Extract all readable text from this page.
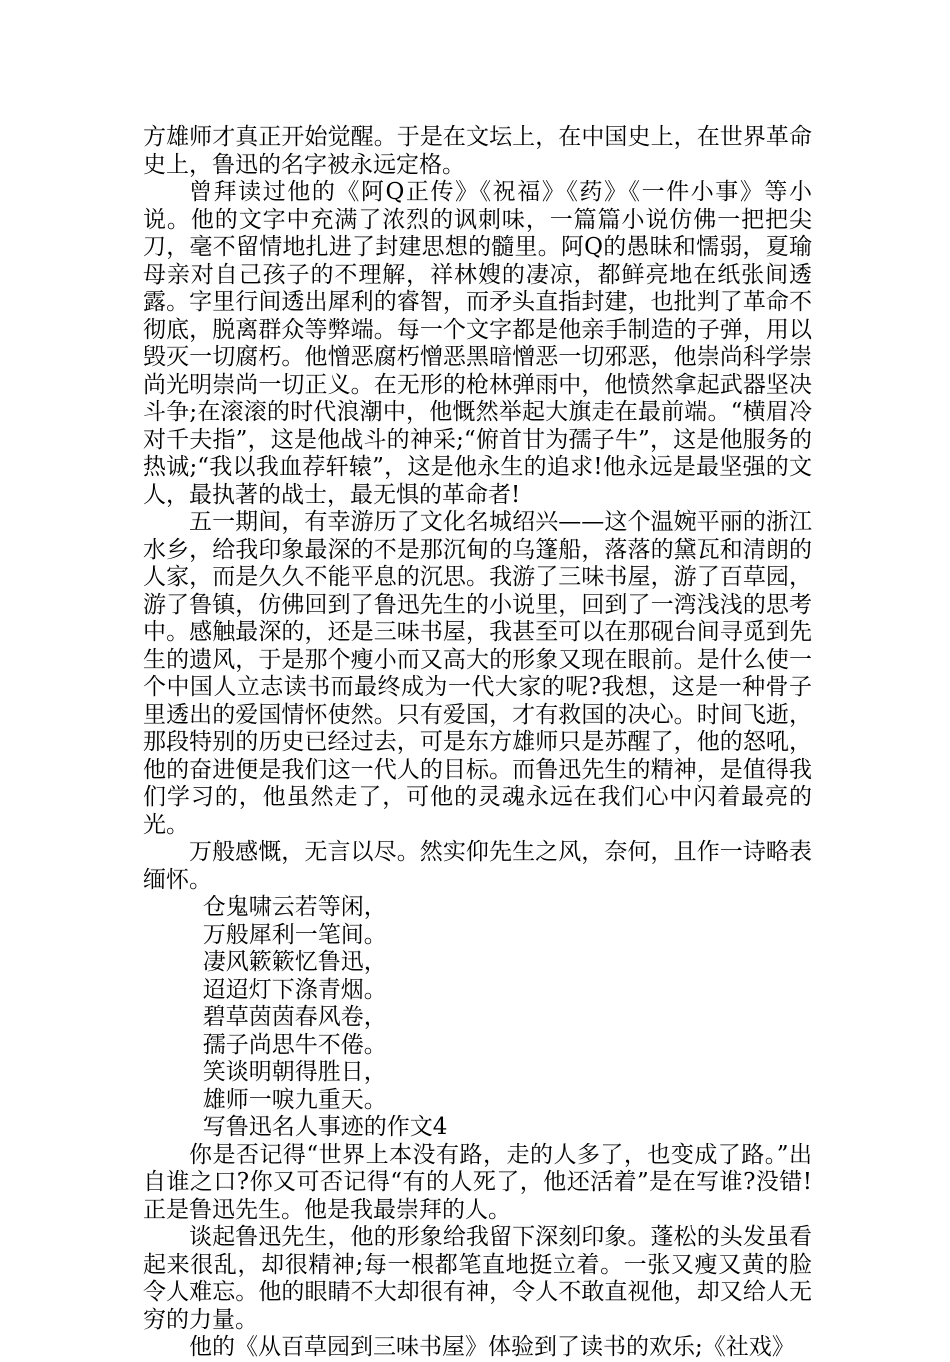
方雄师才真正开始觉醒。于是在文坛上，在中国史上，在世界革命史上，鲁迅的名字被永远定格。

曾拜读过他的《阿Q正传》《祝福》《药》《一件小事》等小说。他的文字中充满了浓烈的讽刺味，一篇篇小说仿佛一把把尖刀，毫不留情地扎进了封建思想的髓里。阿Q的愚昧和懦弱，夏瑜母亲对自己孩子的不理解，祥林嫂的凄凉，都鲜亮地在纸张间透露。字里行间透出犀利的睿智，而矛头直指封建，也批判了革命不彻底，脱离群众等弊端。每一个文字都是他亲手制造的子弹，用以毁灭一切腐朽。他憎恶腐朽憎恶黑暗憎恶一切邪恶，他崇尚科学崇尚光明崇尚一切正义。在无形的枪林弹雨中，他愤然拿起武器坚决斗争;在滚滚的时代浪潮中，他慨然举起大旗走在最前端。“横眉冷对千夫指”，这是他战斗的神采;“俯首甘为孺子牛”，这是他服务的热诚;“我以我血荐轩辕”，这是他永生的追求!他永远是最坚强的文人，最执著的战士，最无惧的革命者!

五一期间，有幸游历了文化名城绍兴——这个温婉平丽的浙江水乡，给我印象最深的不是那沉甸的乌篷船，落落的黛瓦和清朗的人家，而是久久不能平息的沉思。我游了三味书屋，游了百草园，游了鲁镇，仿佛回到了鲁迅先生的小说里，回到了一湾浅浅的思考中。感触最深的，还是三味书屋，我甚至可以在那砚台间寻觅到先生的遗风，于是那个瘦小而又高大的形象又现在眼前。是什么使一个中国人立志读书而最终成为一代大家的呢?我想，这是一种骨子里透出的爱国情怀使然。只有爱国，才有救国的决心。时间飞逝，那段特别的历史已经过去，可是东方雄师只是苏醒了，他的怒吼，他的奋进便是我们这一代人的目标。而鲁迅先生的精神，是值得我们学习的，他虽然走了，可他的灵魂永远在我们心中闪着最亮的光。

万般感慨，无言以尽。然实仰先生之风，奈何，且作一诗略表缅怀。

仓鬼啸云若等闲，
万般犀利一笔间。
凄风簌簌忆鲁迅，
迢迢灯下涤青烟。
碧草茵茵春风卷，
孺子尚思牛不倦。
笑谈明朝得胜日，
雄师一唳九重天。
写鲁迅名人事迹的作文4

你是否记得“世界上本没有路，走的人多了，也变成了路。”出自谁之口?你又可否记得“有的人死了，他还活着”是在写谁?没错!正是鲁迅先生。他是我最崇拜的人。

谈起鲁迅先生，他的形象给我留下深刻印象。蓬松的头发虽看起来很乱，却很精神;每一根都笔直地挺立着。一张又瘦又黄的脸令人难忘。他的眼睛不大却很有神，令人不敢直视他，却又给人无穷的力量。

他的《从百草园到三味书屋》体验到了读书的欢乐;《社戏》
